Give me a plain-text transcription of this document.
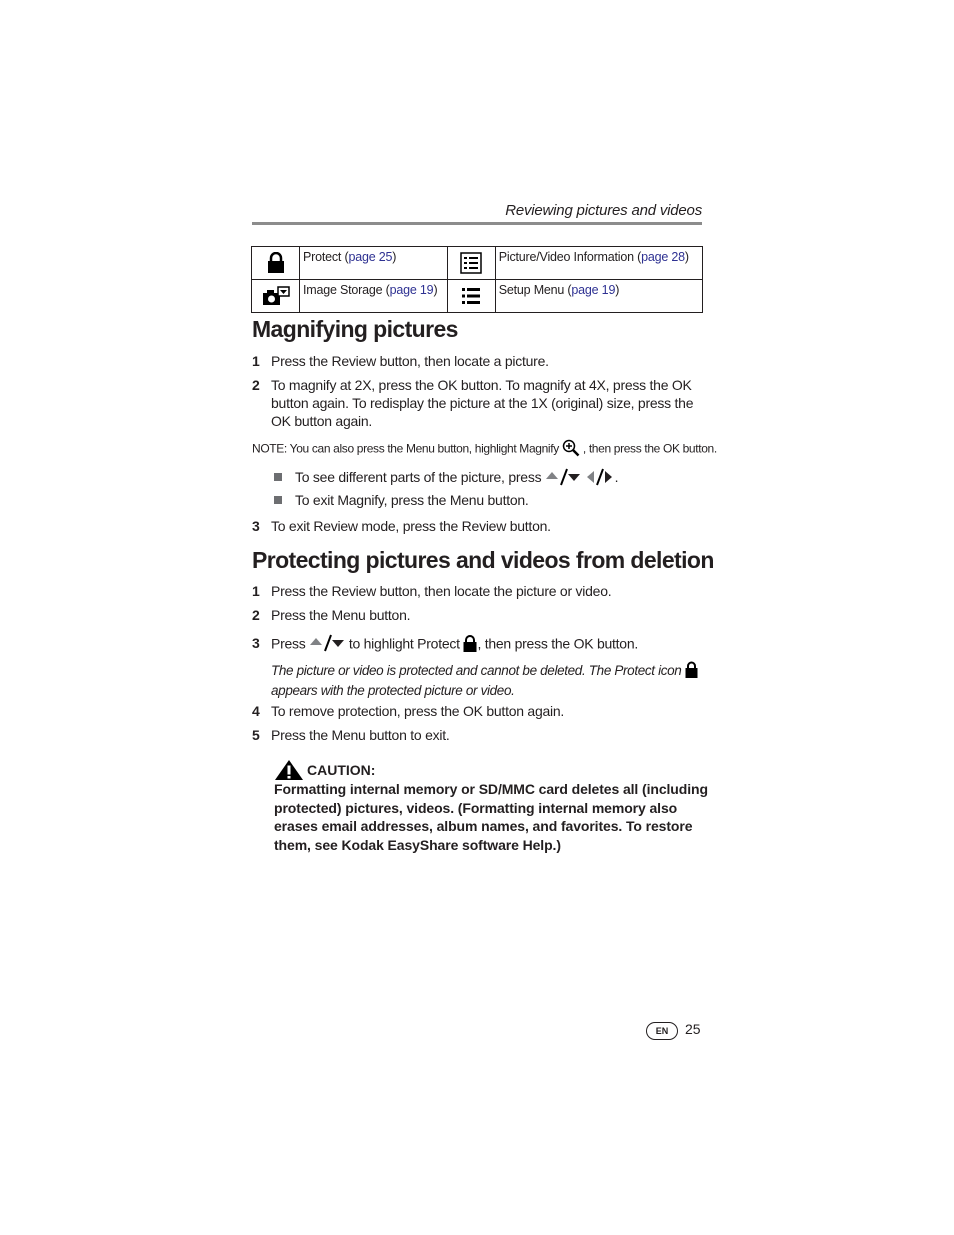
Reviewing pictures and videos
	Protect (page 25)		Picture/Video Information (page 28)

	Image Storage (page 19)		Setup Menu (page 19)
Magnifying pictures
1 Press the Review button, then locate a picture.
2 To magnify at 2X, press the OK button. To magnify at 4X, press the OK button again. To redisplay the picture at the 1X (original) size, press the OK button again.
NOTE: You can also press the Menu button, highlight Magnify , then press the OK button.
To see different parts of the picture, press	.
To exit Magnify, press the Menu button.
3 To exit Review mode, press the Review button.
Protecting pictures and videos from deletion
1 Press the Review button, then locate the picture or video.
2 Press the Menu button.
3 Press	to highlight Protect , then press the OK button.
The picture or video is protected and cannot be deleted. The Protect icon  appears with the protected picture or video.
4 To remove protection, press the OK button again.
5 Press the Menu button to exit.
CAUTION:
Formatting internal memory or SD/MMC card deletes all (including protected) pictures, videos. (Formatting internal memory also erases email addresses, album names, and favorites. To restore them, see Kodak EasyShare software Help.)
EN	25
